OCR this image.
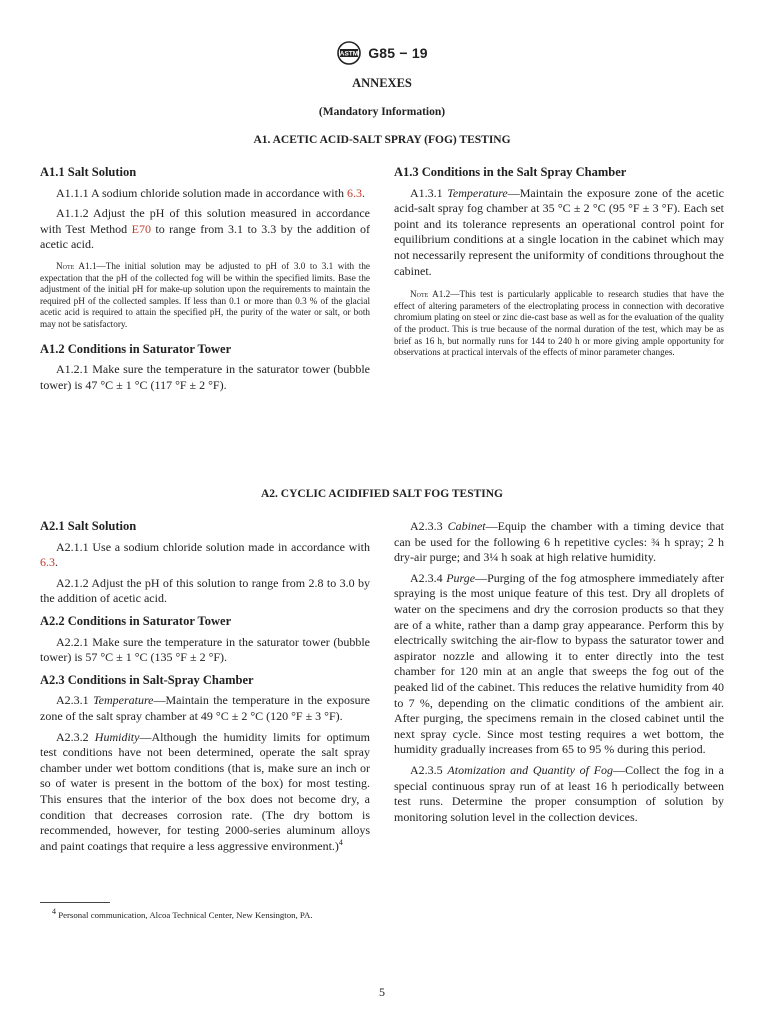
ASTM G85 − 19
ANNEXES
(Mandatory Information)
A1. ACETIC ACID-SALT SPRAY (FOG) TESTING
A1.1 Salt Solution

A1.1.1 A sodium chloride solution made in accordance with 6.3.

A1.1.2 Adjust the pH of this solution measured in accordance with Test Method E70 to range from 3.1 to 3.3 by the addition of acetic acid.

Note A1.1—The initial solution may be adjusted to pH of 3.0 to 3.1 with the expectation that the pH of the collected fog will be within the specified limits. Base the adjustment of the initial pH for make-up solution upon the requirements to maintain the required pH of the collected samples. If less than 0.1 or more than 0.3 % of the glacial acetic acid is required to attain the specified pH, the purity of the water or salt, or both may not be satisfactory.

A1.2 Conditions in Saturator Tower

A1.2.1 Make sure the temperature in the saturator tower (bubble tower) is 47 °C ± 1 °C (117 °F ± 2 °F).

A1.3 Conditions in the Salt Spray Chamber

A1.3.1 Temperature—Maintain the exposure zone of the acetic acid-salt spray fog chamber at 35 °C ± 2 °C (95 °F ± 3 °F). Each set point and its tolerance represents an operational control point for equilibrium conditions at a single location in the cabinet which may not necessarily represent the uniformity of conditions throughout the cabinet.

Note A1.2—This test is particularly applicable to research studies that have the effect of altering parameters of the electroplating process in connection with decorative chromium plating on steel or zinc die-cast base as well as for the evaluation of the quality of the product. This is true because of the normal duration of the test, which may be as brief as 16 h, but normally runs for 144 to 240 h or more giving ample opportunity for observations at practical intervals of the effects of minor parameter changes.

A2. CYCLIC ACIDIFIED SALT FOG TESTING
A2.1 Salt Solution

A2.1.1 Use a sodium chloride solution made in accordance with 6.3.

A2.1.2 Adjust the pH of this solution to range from 2.8 to 3.0 by the addition of acetic acid.

A2.2 Conditions in Saturator Tower

A2.2.1 Make sure the temperature in the saturator tower (bubble tower) is 57 °C ± 1 °C (135 °F ± 2 °F).

A2.3 Conditions in Salt-Spray Chamber

A2.3.1 Temperature—Maintain the temperature in the exposure zone of the salt spray chamber at 49 °C ± 2 °C (120 °F ± 3 °F).

A2.3.2 Humidity—Although the humidity limits for optimum test conditions have not been determined, operate the salt spray chamber under wet bottom conditions (that is, make sure an inch or so of water is present in the bottom of the box) for most testing. This ensures that the interior of the box does not become dry, a condition that decreases corrosion rate. (The dry bottom is recommended, however, for testing 2000-series aluminum alloys and paint coatings that require a less aggressive environment.)$^4$

A2.3.3 Cabinet—Equip the chamber with a timing device that can be used for the following 6 h repetitive cycles: ¾ h spray; 2 h dry-air purge; and 3¼ h soak at high relative humidity.

A2.3.4 Purge—Purging of the fog atmosphere immediately after spraying is the most unique feature of this test. Dry all droplets of water on the specimens and dry the corrosion products so that they are of a white, rather than a damp gray appearance. Perform this by electrically switching the air-flow to bypass the saturator tower and aspirator nozzle and allowing it to enter directly into the test chamber for 120 min at an angle that sweeps the fog out of the peaked lid of the cabinet. This reduces the relative humidity from 40 to 7 %, depending on the climatic conditions of the ambient air. After purging, the specimens remain in the closed cabinet until the next spray cycle. Since most testing requires a wet bottom, the humidity gradually increases from 65 to 95 % during this period.

A2.3.5 Atomization and Quantity of Fog—Collect the fog in a special continuous spray run of at least 16 h periodically between test runs. Determine the proper consumption of solution by monitoring solution level in the collection devices.

$^4$ Personal communication, Alcoa Technical Center, New Kensington, PA.
5
